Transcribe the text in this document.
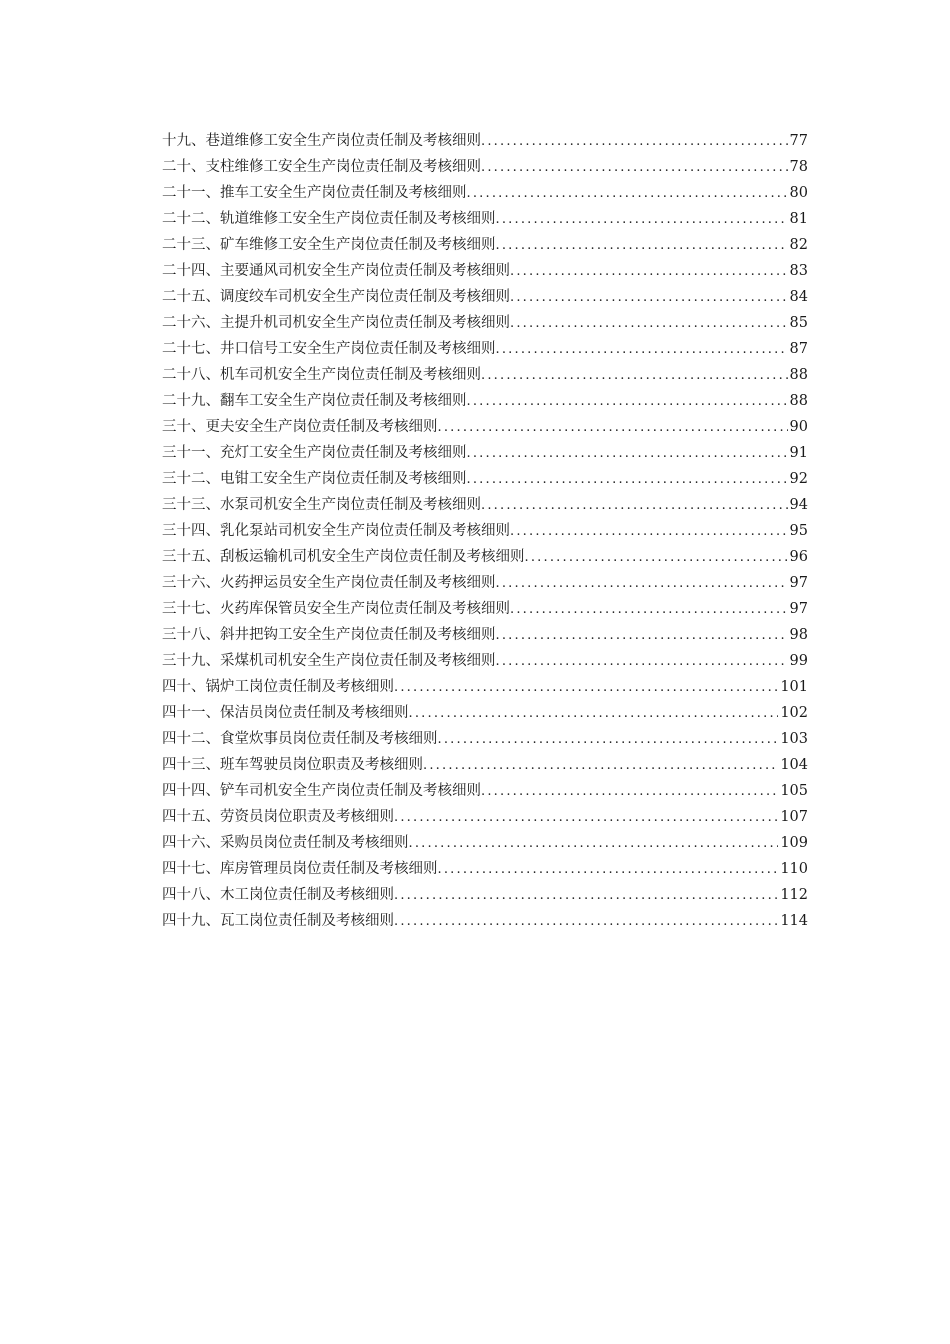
十九、巷道维修工安全生产岗位责任制及考核细则 .....	77
二十、支柱维修工安全生产岗位责任制及考核细则 .....	78
二十一、推车工安全生产岗位责任制及考核细则 .....	80
二十二、轨道维修工安全生产岗位责任制及考核细则 .....	81
二十三、矿车维修工安全生产岗位责任制及考核细则 .....	82
二十四、主要通风司机安全生产岗位责任制及考核细则 .....	83
二十五、调度绞车司机安全生产岗位责任制及考核细则 .....	84
二十六、主提升机司机安全生产岗位责任制及考核细则 .....	85
二十七、井口信号工安全生产岗位责任制及考核细则 .....	87
二十八、机车司机安全生产岗位责任制及考核细则 .....	88
二十九、翻车工安全生产岗位责任制及考核细则 .....	88
三十、更夫安全生产岗位责任制及考核细则 .....	90
三十一、充灯工安全生产岗位责任制及考核细则 .....	91
三十二、电钳工安全生产岗位责任制及考核细则 .....	92
三十三、水泵司机安全生产岗位责任制及考核细则 .....	94
三十四、乳化泵站司机安全生产岗位责任制及考核细则 .....	95
三十五、刮板运输机司机安全生产岗位责任制及考核细则 .....	96
三十六、火药押运员安全生产岗位责任制及考核细则 .....	97
三十七、火药库保管员安全生产岗位责任制及考核细则 .....	97
三十八、斜井把钩工安全生产岗位责任制及考核细则 .....	98
三十九、采煤机司机安全生产岗位责任制及考核细则 .....	99
四十、锅炉工岗位责任制及考核细则 .....	101
四十一、保洁员岗位责任制及考核细则 .....	102
四十二、食堂炊事员岗位责任制及考核细则 .....	103
四十三、班车驾驶员岗位职责及考核细则 .....	104
四十四、铲车司机安全生产岗位责任制及考核细则 .....	105
四十五、劳资员岗位职责及考核细则 .....	107
四十六、采购员岗位责任制及考核细则 .....	109
四十七、库房管理员岗位责任制及考核细则 .....	110
四十八、木工岗位责任制及考核细则 .....	112
四十九、瓦工岗位责任制及考核细则 .....	114
